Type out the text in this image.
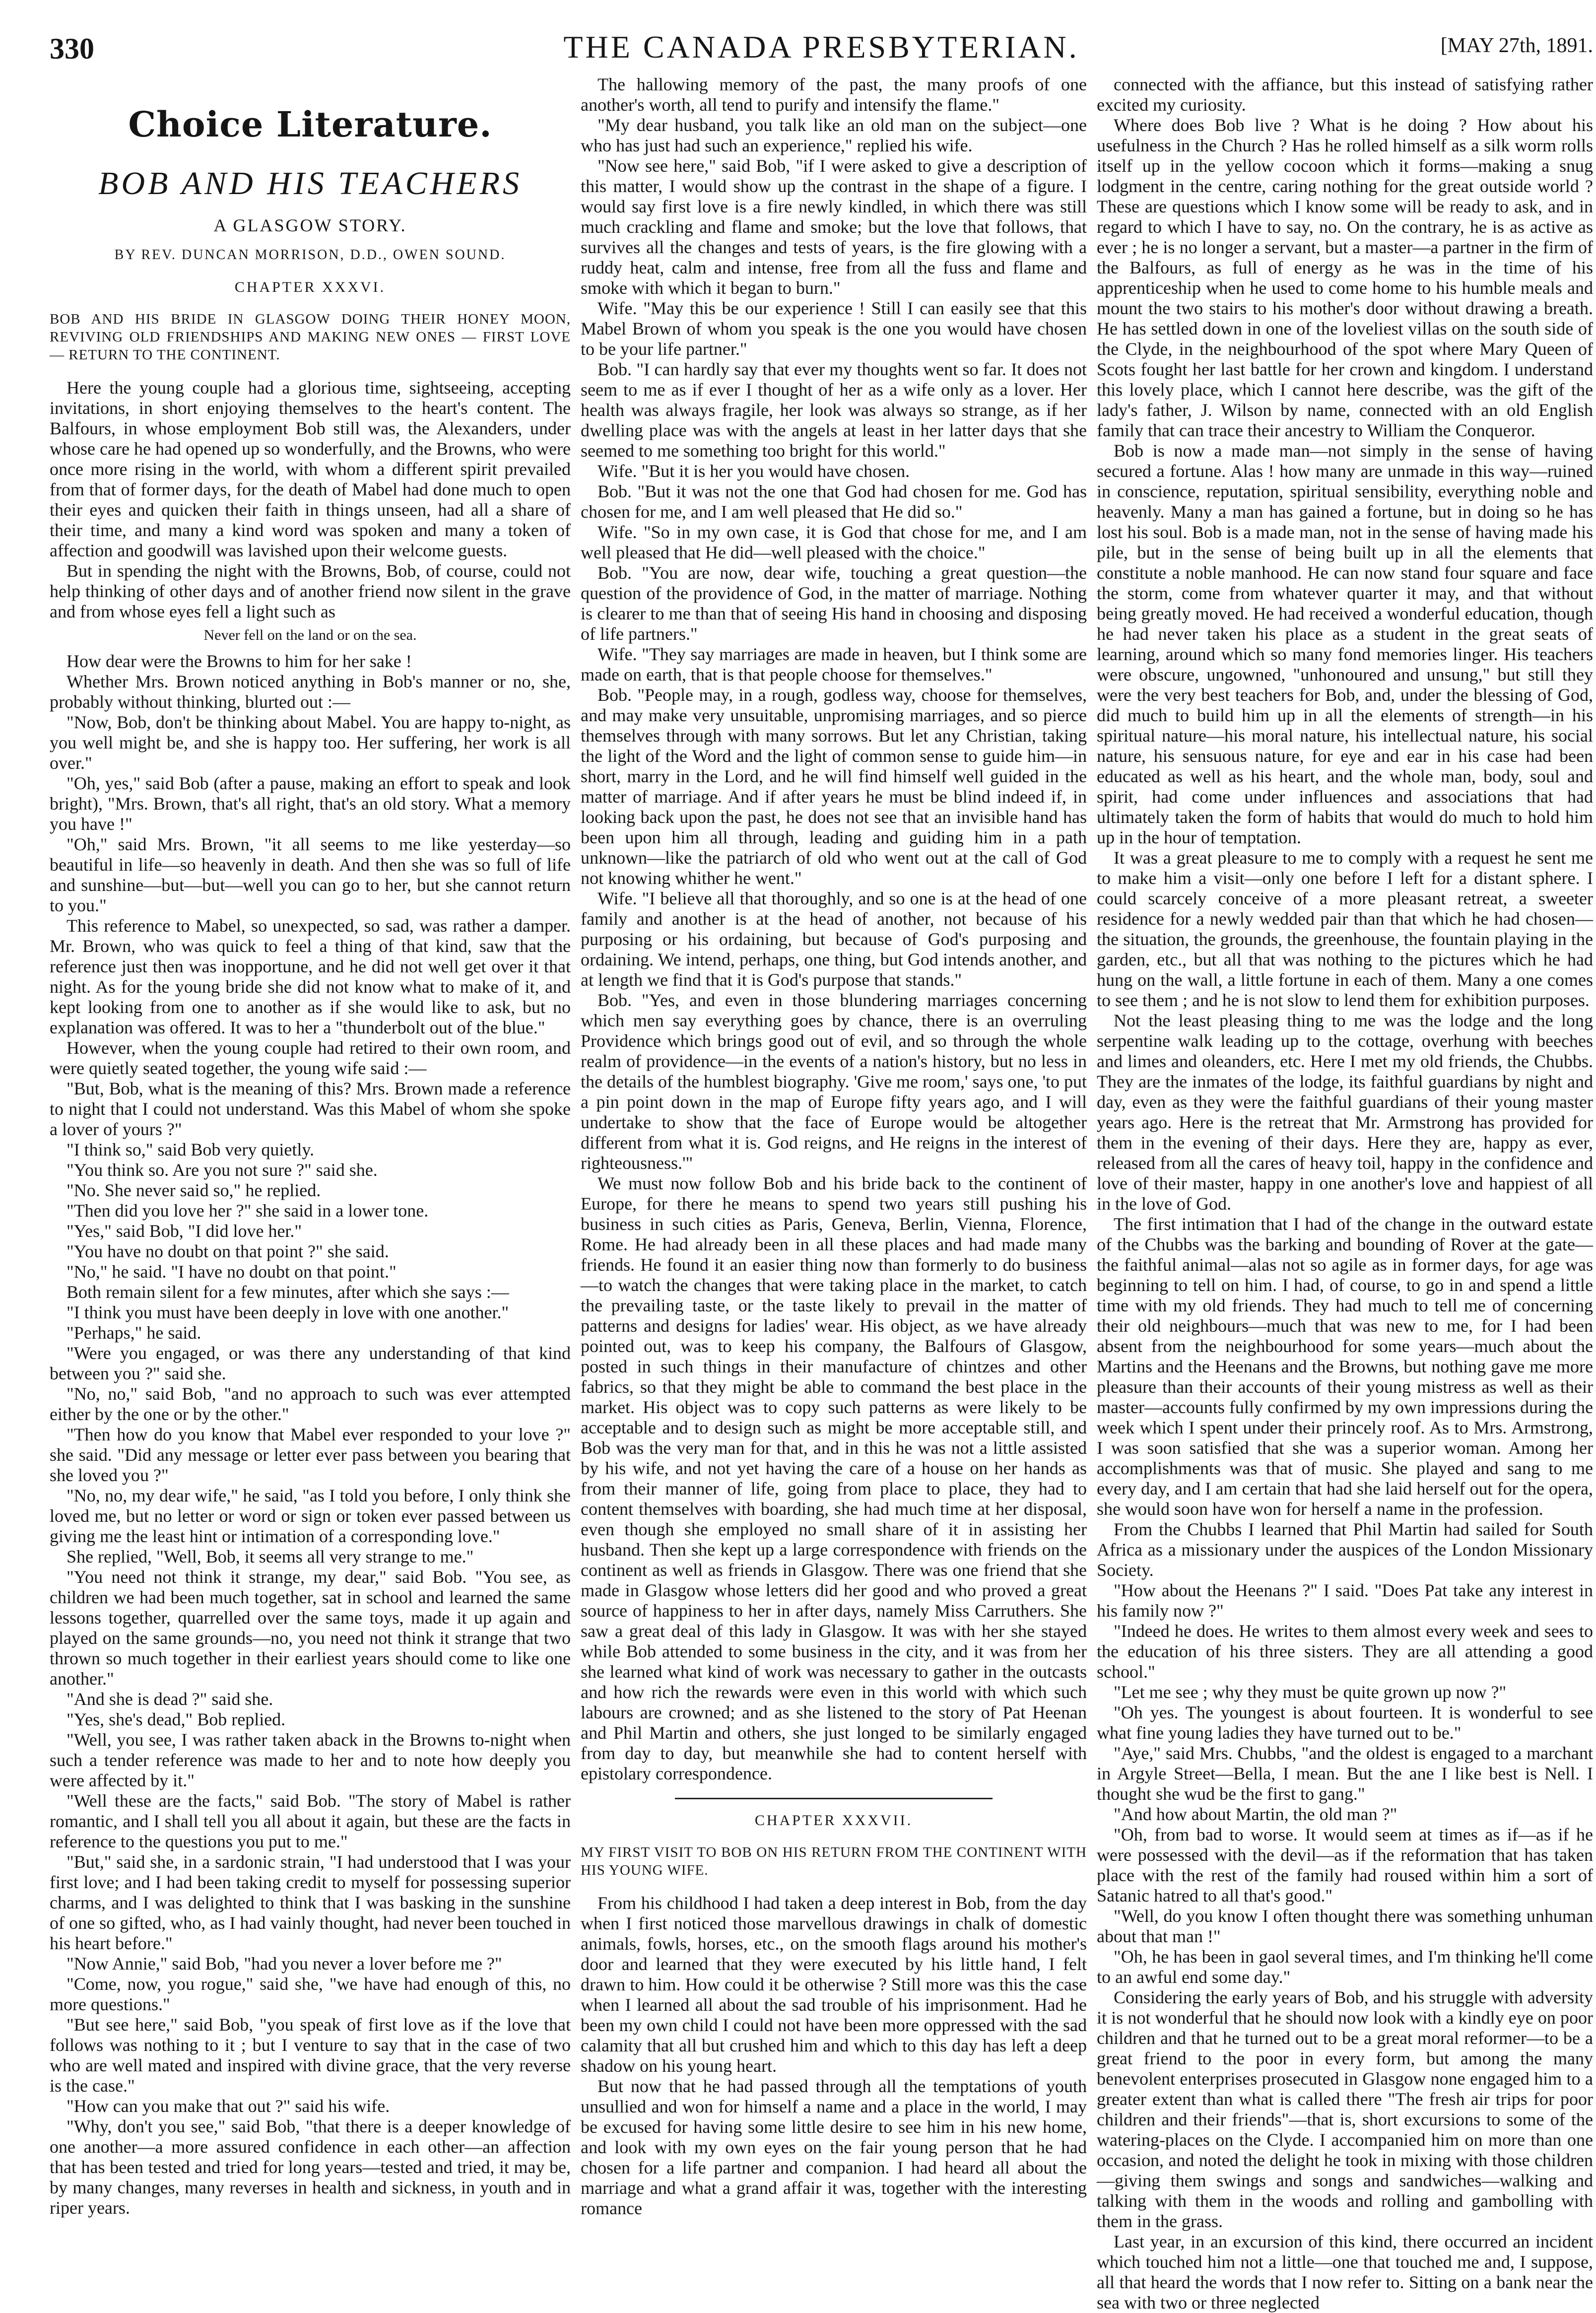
330	THE CANADA PRESBYTERIAN.	[MAY 27th, 1891.
Choice Literature.
BOB AND HIS TEACHERS
A GLASGOW STORY.
BY REV. DUNCAN MORRISON, D.D., OWEN SOUND.
CHAPTER XXXVI.
BOB AND HIS BRIDE IN GLASGOW DOING THEIR HONEY MOON, REVIVING OLD FRIENDSHIPS AND MAKING NEW ONES — FIRST LOVE — RETURN TO THE CONTINENT.

Here the young couple had a glorious time, sightseeing, accepting invitations, in short enjoying themselves to the heart's content. The Balfours, in whose employment Bob still was, the Alexanders, under whose care he had opened up so wonderfully, and the Browns, who were once more rising in the world, with whom a different spirit prevailed from that of former days, for the death of Mabel had done much to open their eyes and quicken their faith in things unseen, had all a share of their time, and many a kind word was spoken and many a token of affection and goodwill was lavished upon their welcome guests.

But in spending the night with the Browns, Bob, of course, could not help thinking of other days and of another friend now silent in the grave and from whose eyes fell a light such as

Never fell on the land or on the sea.

How dear were the Browns to him for her sake !

Whether Mrs. Brown noticed anything in Bob's manner or no, she, probably without thinking, blurted out :—

"Now, Bob, don't be thinking about Mabel. You are happy to-night, as you well might be, and she is happy too. Her suffering, her work is all over."

"Oh, yes," said Bob (after a pause, making an effort to speak and look bright), "Mrs. Brown, that's all right, that's an old story. What a memory you have !"

"Oh," said Mrs. Brown, "it all seems to me like yesterday—so beautiful in life—so heavenly in death. And then she was so full of life and sunshine—but—but—well you can go to her, but she cannot return to you."

This reference to Mabel, so unexpected, so sad, was rather a damper. Mr. Brown, who was quick to feel a thing of that kind, saw that the reference just then was inopportune, and he did not well get over it that night. As for the young bride she did not know what to make of it, and kept looking from one to another as if she would like to ask, but no explanation was offered. It was to her a "thunderbolt out of the blue."

However, when the young couple had retired to their own room, and were quietly seated together, the young wife said :—

"But, Bob, what is the meaning of this? Mrs. Brown made a reference to night that I could not understand. Was this Mabel of whom she spoke a lover of yours ?"

"I think so," said Bob very quietly.

"You think so. Are you not sure ?" said she.

"No. She never said so," he replied.

"Then did you love her ?" she said in a lower tone.

"Yes," said Bob, "I did love her."

"You have no doubt on that point ?" she said.

"No," he said. "I have no doubt on that point."

Both remain silent for a few minutes, after which she says :—

"I think you must have been deeply in love with one another."

"Perhaps," he said.

"Were you engaged, or was there any understanding of that kind between you ?" said she.

"No, no," said Bob, "and no approach to such was ever attempted either by the one or by the other."

"Then how do you know that Mabel ever responded to your love ?" she said. "Did any message or letter ever pass between you bearing that she loved you ?"

"No, no, my dear wife," he said, "as I told you before, I only think she loved me, but no letter or word or sign or token ever passed between us giving me the least hint or intimation of a corresponding love."

She replied, "Well, Bob, it seems all very strange to me."

"You need not think it strange, my dear," said Bob. "You see, as children we had been much together, sat in school and learned the same lessons together, quarrelled over the same toys, made it up again and played on the same grounds—no, you need not think it strange that two thrown so much together in their earliest years should come to like one another."

"And she is dead ?" said she.

"Yes, she's dead," Bob replied.

"Well, you see, I was rather taken aback in the Browns to-night when such a tender reference was made to her and to note how deeply you were affected by it."

"Well these are the facts," said Bob. "The story of Mabel is rather romantic, and I shall tell you all about it again, but these are the facts in reference to the questions you put to me."

"But," said she, in a sardonic strain, "I had understood that I was your first love; and I had been taking credit to myself for possessing superior charms, and I was delighted to think that I was basking in the sunshine of one so gifted, who, as I had vainly thought, had never been touched in his heart before."

"Now Annie," said Bob, "had you never a lover before me ?"

"Come, now, you rogue," said she, "we have had enough of this, no more questions."

"But see here," said Bob, "you speak of first love as if the love that follows was nothing to it ; but I venture to say that in the case of two who are well mated and inspired with divine grace, that the very reverse is the case."

"How can you make that out ?" said his wife.

"Why, don't you see," said Bob, "that there is a deeper knowledge of one another—a more assured confidence in each other—an affection that has been tested and tried for long years—tested and tried, it may be, by many changes, many reverses in health and sickness, in youth and in riper years.

The hallowing memory of the past, the many proofs of one another's worth, all tend to purify and intensify the flame."

"My dear husband, you talk like an old man on the subject—one who has just had such an experience," replied his wife.

"Now see here," said Bob, "if I were asked to give a description of this matter, I would show up the contrast in the shape of a figure. I would say first love is a fire newly kindled, in which there was still much crackling and flame and smoke; but the love that follows, that survives all the changes and tests of years, is the fire glowing with a ruddy heat, calm and intense, free from all the fuss and flame and smoke with which it began to burn."

Wife. "May this be our experience ! Still I can easily see that this Mabel Brown of whom you speak is the one you would have chosen to be your life partner."

Bob. "I can hardly say that ever my thoughts went so far. It does not seem to me as if ever I thought of her as a wife only as a lover. Her health was always fragile, her look was always so strange, as if her dwelling place was with the angels at least in her latter days that she seemed to me something too bright for this world."

Wife. "But it is her you would have chosen.

Bob. "But it was not the one that God had chosen for me. God has chosen for me, and I am well pleased that He did so."

Wife. "So in my own case, it is God that chose for me, and I am well pleased that He did—well pleased with the choice."

Bob. "You are now, dear wife, touching a great question—the question of the providence of God, in the matter of marriage. Nothing is clearer to me than that of seeing His hand in choosing and disposing of life partners."

Wife. "They say marriages are made in heaven, but I think some are made on earth, that is that people choose for themselves."

Bob. "People may, in a rough, godless way, choose for themselves, and may make very unsuitable, unpromising marriages, and so pierce themselves through with many sorrows. But let any Christian, taking the light of the Word and the light of common sense to guide him—in short, marry in the Lord, and he will find himself well guided in the matter of marriage. And if after years he must be blind indeed if, in looking back upon the past, he does not see that an invisible hand has been upon him all through, leading and guiding him in a path unknown—like the patriarch of old who went out at the call of God not knowing whither he went."

Wife. "I believe all that thoroughly, and so one is at the head of one family and another is at the head of another, not because of his purposing or his ordaining, but because of God's purposing and ordaining. We intend, perhaps, one thing, but God intends another, and at length we find that it is God's purpose that stands."

Bob. "Yes, and even in those blundering marriages concerning which men say everything goes by chance, there is an overruling Providence which brings good out of evil, and so through the whole realm of providence—in the events of a nation's history, but no less in the details of the humblest biography. 'Give me room,' says one, 'to put a pin point down in the map of Europe fifty years ago, and I will undertake to show that the face of Europe would be altogether different from what it is. God reigns, and He reigns in the interest of righteousness.'"

We must now follow Bob and his bride back to the continent of Europe, for there he means to spend two years still pushing his business in such cities as Paris, Geneva, Berlin, Vienna, Florence, Rome. He had already been in all these places and had made many friends. He found it an easier thing now than formerly to do business—to watch the changes that were taking place in the market, to catch the prevailing taste, or the taste likely to prevail in the matter of patterns and designs for ladies' wear. His object, as we have already pointed out, was to keep his company, the Balfours of Glasgow, posted in such things in their manufacture of chintzes and other fabrics, so that they might be able to command the best place in the market. His object was to copy such patterns as were likely to be acceptable and to design such as might be more acceptable still, and Bob was the very man for that, and in this he was not a little assisted by his wife, and not yet having the care of a house on her hands as from their manner of life, going from place to place, they had to content themselves with boarding, she had much time at her disposal, even though she employed no small share of it in assisting her husband. Then she kept up a large correspondence with friends on the continent as well as friends in Glasgow. There was one friend that she made in Glasgow whose letters did her good and who proved a great source of happiness to her in after days, namely Miss Carruthers. She saw a great deal of this lady in Glasgow. It was with her she stayed while Bob attended to some business in the city, and it was from her she learned what kind of work was necessary to gather in the outcasts and how rich the rewards were even in this world with which such labours are crowned; and as she listened to the story of Pat Heenan and Phil Martin and others, she just longed to be similarly engaged from day to day, but meanwhile she had to content herself with epistolary correspondence.

CHAPTER XXXVII.
MY FIRST VISIT TO BOB ON HIS RETURN FROM THE CONTINENT WITH HIS YOUNG WIFE.

From his childhood I had taken a deep interest in Bob, from the day when I first noticed those marvellous drawings in chalk of domestic animals, fowls, horses, etc., on the smooth flags around his mother's door and learned that they were executed by his little hand, I felt drawn to him. How could it be otherwise ? Still more was this the case when I learned all about the sad trouble of his imprisonment. Had he been my own child I could not have been more oppressed with the sad calamity that all but crushed him and which to this day has left a deep shadow on his young heart.

But now that he had passed through all the temptations of youth unsullied and won for himself a name and a place in the world, I may be excused for having some little desire to see him in his new home, and look with my own eyes on the fair young person that he had chosen for a life partner and companion. I had heard all about the marriage and what a grand affair it was, together with the interesting romance

connected with the affiance, but this instead of satisfying rather excited my curiosity.

Where does Bob live ? What is he doing ? How about his usefulness in the Church ? Has he rolled himself as a silk worm rolls itself up in the yellow cocoon which it forms—making a snug lodgment in the centre, caring nothing for the great outside world ? These are questions which I know some will be ready to ask, and in regard to which I have to say, no. On the contrary, he is as active as ever ; he is no longer a servant, but a master—a partner in the firm of the Balfours, as full of energy as he was in the time of his apprenticeship when he used to come home to his humble meals and mount the two stairs to his mother's door without drawing a breath. He has settled down in one of the loveliest villas on the south side of the Clyde, in the neighbourhood of the spot where Mary Queen of Scots fought her last battle for her crown and kingdom. I understand this lovely place, which I cannot here describe, was the gift of the lady's father, J. Wilson by name, connected with an old English family that can trace their ancestry to William the Conqueror.

Bob is now a made man—not simply in the sense of having secured a fortune. Alas ! how many are unmade in this way—ruined in conscience, reputation, spiritual sensibility, everything noble and heavenly. Many a man has gained a fortune, but in doing so he has lost his soul. Bob is a made man, not in the sense of having made his pile, but in the sense of being built up in all the elements that constitute a noble manhood. He can now stand four square and face the storm, come from whatever quarter it may, and that without being greatly moved. He had received a wonderful education, though he had never taken his place as a student in the great seats of learning, around which so many fond memories linger. His teachers were obscure, ungowned, "unhonoured and unsung," but still they were the very best teachers for Bob, and, under the blessing of God, did much to build him up in all the elements of strength—in his spiritual nature—his moral nature, his intellectual nature, his social nature, his sensuous nature, for eye and ear in his case had been educated as well as his heart, and the whole man, body, soul and spirit, had come under influences and associations that had ultimately taken the form of habits that would do much to hold him up in the hour of temptation.

It was a great pleasure to me to comply with a request he sent me to make him a visit—only one before I left for a distant sphere. I could scarcely conceive of a more pleasant retreat, a sweeter residence for a newly wedded pair than that which he had chosen—the situation, the grounds, the greenhouse, the fountain playing in the garden, etc., but all that was nothing to the pictures which he had hung on the wall, a little fortune in each of them. Many a one comes to see them ; and he is not slow to lend them for exhibition purposes.

Not the least pleasing thing to me was the lodge and the long serpentine walk leading up to the cottage, overhung with beeches and limes and oleanders, etc. Here I met my old friends, the Chubbs. They are the inmates of the lodge, its faithful guardians by night and day, even as they were the faithful guardians of their young master years ago. Here is the retreat that Mr. Armstrong has provided for them in the evening of their days. Here they are, happy as ever, released from all the cares of heavy toil, happy in the confidence and love of their master, happy in one another's love and happiest of all in the love of God.

The first intimation that I had of the change in the outward estate of the Chubbs was the barking and bounding of Rover at the gate—the faithful animal—alas not so agile as in former days, for age was beginning to tell on him. I had, of course, to go in and spend a little time with my old friends. They had much to tell me of concerning their old neighbours—much that was new to me, for I had been absent from the neighbourhood for some years—much about the Martins and the Heenans and the Browns, but nothing gave me more pleasure than their accounts of their young mistress as well as their master—accounts fully confirmed by my own impressions during the week which I spent under their princely roof. As to Mrs. Armstrong, I was soon satisfied that she was a superior woman. Among her accomplishments was that of music. She played and sang to me every day, and I am certain that had she laid herself out for the opera, she would soon have won for herself a name in the profession.

From the Chubbs I learned that Phil Martin had sailed for South Africa as a missionary under the auspices of the London Missionary Society.

"How about the Heenans ?" I said. "Does Pat take any interest in his family now ?"

"Indeed he does. He writes to them almost every week and sees to the education of his three sisters. They are all attending a good school."

"Let me see ; why they must be quite grown up now ?"

"Oh yes. The youngest is about fourteen. It is wonderful to see what fine young ladies they have turned out to be."

"Aye," said Mrs. Chubbs, "and the oldest is engaged to a marchant in Argyle Street—Bella, I mean. But the ane I like best is Nell. I thought she wud be the first to gang."

"And how about Martin, the old man ?"

"Oh, from bad to worse. It would seem at times as if—as if he were possessed with the devil—as if the reformation that has taken place with the rest of the family had roused within him a sort of Satanic hatred to all that's good."

"Well, do you know I often thought there was something unhuman about that man !"

"Oh, he has been in gaol several times, and I'm thinking he'll come to an awful end some day."

Considering the early years of Bob, and his struggle with adversity it is not wonderful that he should now look with a kindly eye on poor children and that he turned out to be a great moral reformer—to be a great friend to the poor in every form, but among the many benevolent enterprises prosecuted in Glasgow none engaged him to a greater extent than what is called there "The fresh air trips for poor children and their friends"—that is, short excursions to some of the watering-places on the Clyde. I accompanied him on more than one occasion, and noted the delight he took in mixing with those children—giving them swings and songs and sandwiches—walking and talking with them in the woods and rolling and gambolling with them in the grass.

Last year, in an excursion of this kind, there occurred an incident which touched him not a little—one that touched me and, I suppose, all that heard the words that I now refer to. Sitting on a bank near the sea with two or three neglected
